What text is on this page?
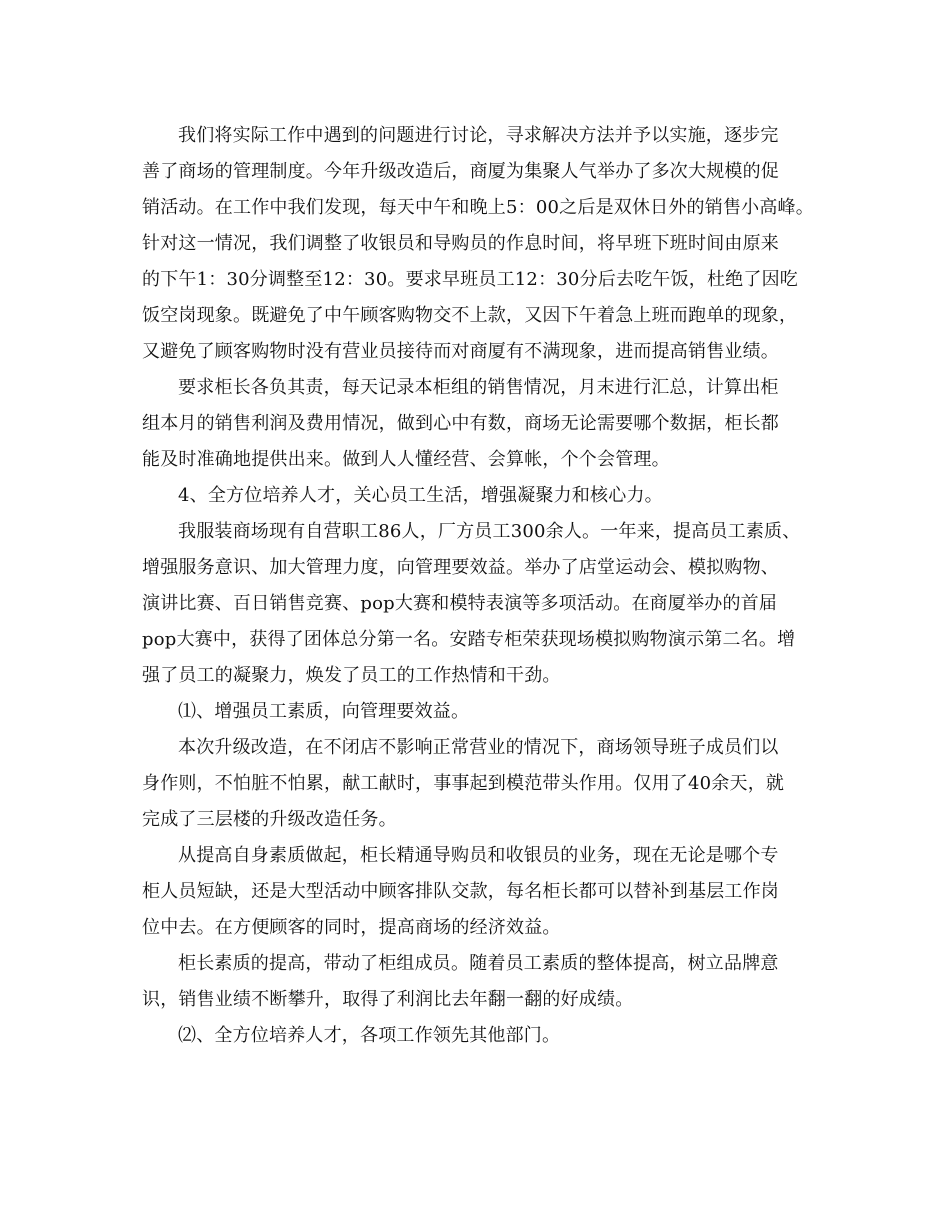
我们将实际工作中遇到的问题进行讨论，寻求解决方法并予以实施，逐步完
善了商场的管理制度。今年升级改造后，商厦为集聚人气举办了多次大规模的促
销活动。在工作中我们发现，每天中午和晚上5：00之后是双休日外的销售小高峰。
针对这一情况，我们调整了收银员和导购员的作息时间，将早班下班时间由原来
的下午1：30分调整至12：30。要求早班员工12：30分后去吃午饭，杜绝了因吃
饭空岗现象。既避免了中午顾客购物交不上款，又因下午着急上班而跑单的现象，
又避免了顾客购物时没有营业员接待而对商厦有不满现象，进而提高销售业绩。
要求柜长各负其责，每天记录本柜组的销售情况，月末进行汇总，计算出柜
组本月的销售利润及费用情况，做到心中有数，商场无论需要哪个数据，柜长都
能及时准确地提供出来。做到人人懂经营、会算帐，个个会管理。
4、全方位培养人才，关心员工生活，增强凝聚力和核心力。
我服装商场现有自营职工86人，厂方员工300余人。一年来，提高员工素质、
增强服务意识、加大管理力度，向管理要效益。举办了店堂运动会、模拟购物、
演讲比赛、百日销售竞赛、pop大赛和模特表演等多项活动。在商厦举办的首届
pop大赛中，获得了团体总分第一名。安踏专柜荣获现场模拟购物演示第二名。增
强了员工的凝聚力，焕发了员工的工作热情和干劲。
⑴、增强员工素质，向管理要效益。
本次升级改造，在不闭店不影响正常营业的情况下，商场领导班子成员们以
身作则，不怕脏不怕累，献工献时，事事起到模范带头作用。仅用了40余天，就
完成了三层楼的升级改造任务。
从提高自身素质做起，柜长精通导购员和收银员的业务，现在无论是哪个专
柜人员短缺，还是大型活动中顾客排队交款，每名柜长都可以替补到基层工作岗
位中去。在方便顾客的同时，提高商场的经济效益。
柜长素质的提高，带动了柜组成员。随着员工素质的整体提高，树立品牌意
识，销售业绩不断攀升，取得了利润比去年翻一翻的好成绩。
⑵、全方位培养人才，各项工作领先其他部门。
